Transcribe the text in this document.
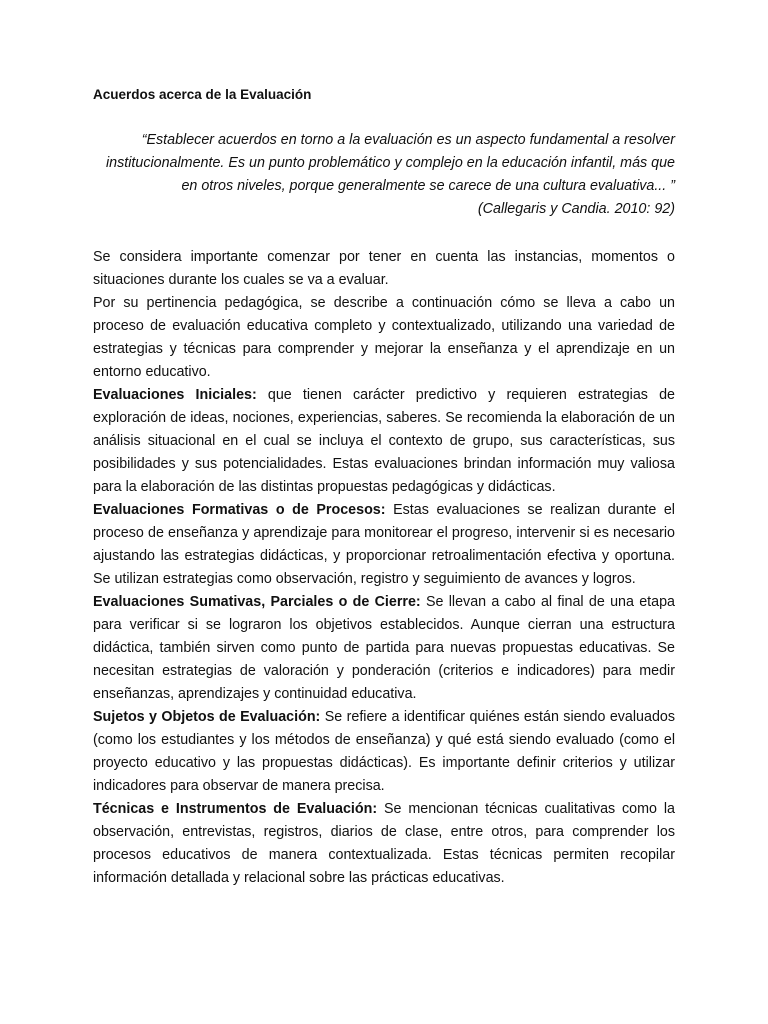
Acuerdos acerca de la Evaluación
“Establecer acuerdos en torno a la evaluación es un aspecto fundamental a resolver
institucionalmente. Es un punto problemático y complejo en la educación infantil, más que
en otros niveles, porque generalmente se carece de una cultura evaluativa... ”
(Callegaris y Candia. 2010: 92)

Se considera importante comenzar por tener en cuenta las instancias, momentos o situaciones durante los cuales se va a evaluar.

Por su pertinencia pedagógica, se describe a continuación cómo se lleva a cabo un proceso de evaluación educativa completo y contextualizado, utilizando una variedad de estrategias y técnicas para comprender y mejorar la enseñanza y el aprendizaje en un entorno educativo.

Evaluaciones Iniciales: que tienen carácter predictivo y requieren estrategias de exploración de ideas, nociones, experiencias, saberes. Se recomienda la elaboración de un análisis situacional en el cual se incluya el contexto de grupo, sus características, sus posibilidades y sus potencialidades. Estas evaluaciones brindan información muy valiosa para la elaboración de las distintas propuestas pedagógicas y didácticas.

Evaluaciones Formativas o de Procesos: Estas evaluaciones se realizan durante el proceso de enseñanza y aprendizaje para monitorear el progreso, intervenir si es necesario ajustando las estrategias didácticas, y proporcionar retroalimentación efectiva y oportuna. Se utilizan estrategias como observación, registro y seguimiento de avances y logros.

Evaluaciones Sumativas, Parciales o de Cierre: Se llevan a cabo al final de una etapa para verificar si se lograron los objetivos establecidos. Aunque cierran una estructura didáctica, también sirven como punto de partida para nuevas propuestas educativas. Se necesitan estrategias de valoración y ponderación (criterios e indicadores) para medir enseñanzas, aprendizajes y continuidad educativa.

Sujetos y Objetos de Evaluación: Se refiere a identificar quiénes están siendo evaluados (como los estudiantes y los métodos de enseñanza) y qué está siendo evaluado (como el proyecto educativo y las propuestas didácticas). Es importante definir criterios y utilizar indicadores para observar de manera precisa.

Técnicas e Instrumentos de Evaluación: Se mencionan técnicas cualitativas como la observación, entrevistas, registros, diarios de clase, entre otros, para comprender los procesos educativos de manera contextualizada. Estas técnicas permiten recopilar información detallada y relacional sobre las prácticas educativas.
